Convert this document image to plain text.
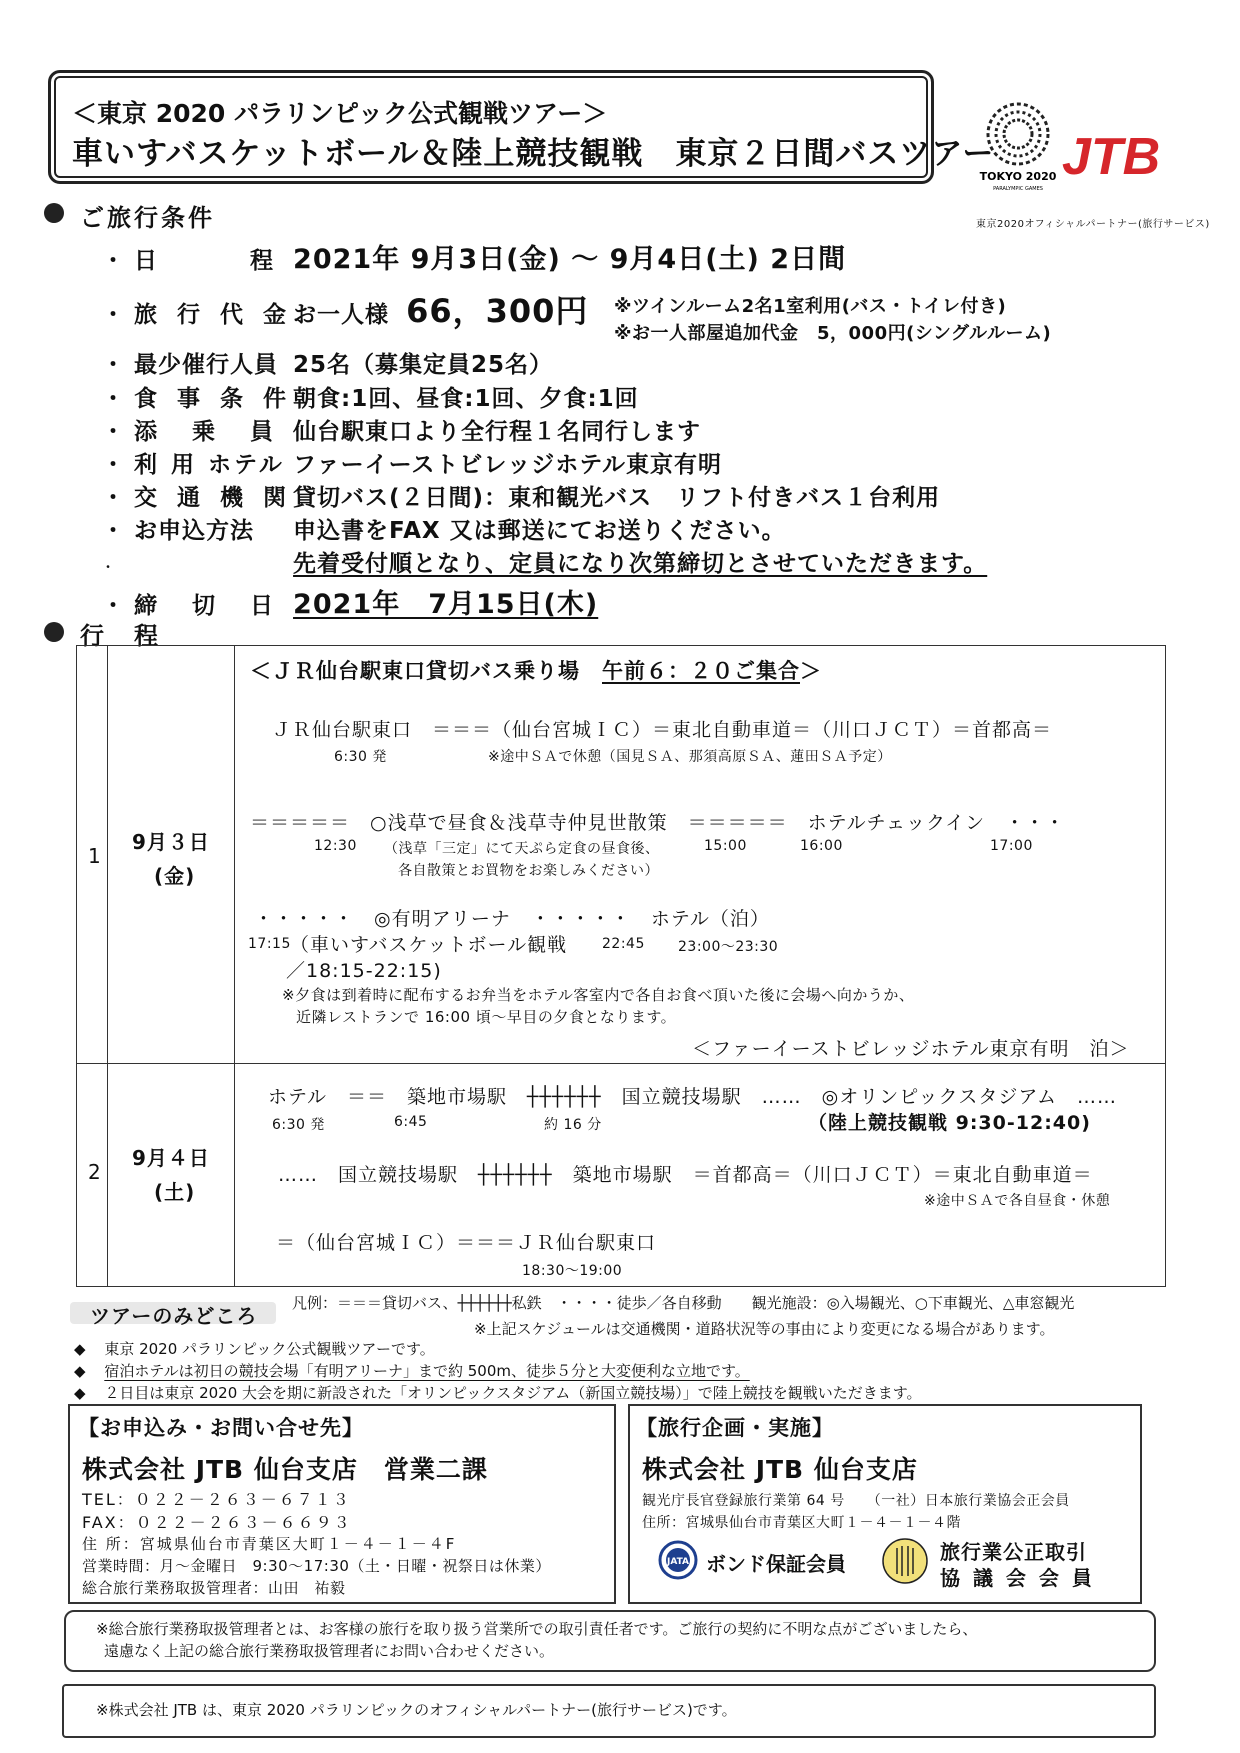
＜東京 2020 パラリンピック公式観戦ツアー＞
車いすバスケットボール＆陸上競技観戦　東京２日間バスツアー
TOKYO 2020
PARALYMPIC GAMES
JTB
東京2020オフィシャルパートナー(旅行サービス)
ご旅行条件
・ 日　　　程 2021年 9月3日(金) ～ 9月4日(土) 2日間
・ 旅 行 代 金 お一人様 66，300円 ※ツインルーム2名1室利用(バス・トイレ付き)
※お一人部屋追加代金　5，000円(シングルルーム)
・ 最少催行人員 25名（募集定員25名）
・ 食 事 条 件 朝食:1回、昼食:1回、夕食:1回
・ 添　乗　員 仙台駅東口より全行程１名同行します
・ 利 用 ホテル ファーイーストビレッジホテル東京有明
・ 交 通 機 関 貸切バス(２日間)：東和観光バス　リフト付きバス１台利用
・ お申込方法 申込書をFAX 又は郵送にてお送りください。
・	先着受付順となり、定員になり次第締切とさせていただきます。
・ 締　切　日 2021年　7月15日(木)
行　程

1
9月３日
(金)
＜ＪＲ仙台駅東口貸切バス乗り場　午前６：２０ご集合＞
ＪＲ仙台駅東口　＝＝＝（仙台宮城ＩＣ）＝東北自動車道＝（川口ＪＣＴ）＝首都高＝
6:30 発	※途中ＳＡで休憩（国見ＳＡ、那須高原ＳＡ、蓮田ＳＡ予定）
＝＝＝＝＝　○浅草で昼食＆浅草寺仲見世散策　＝＝＝＝＝　ホテルチェックイン　・・・
12:30 （浅草「三定」にて天ぷら定食の昼食後、	15:00	16:00	17:00
各自散策とお買物をお楽しみください）
・・・・・　◎有明アリーナ　・・・・・　ホテル（泊）
17:15 （車いすバスケットボール観戦 22:45 23:00～23:30
／18:15-22:15)
※夕食は到着時に配布するお弁当をホテル客室内で各自お食べ頂いた後に会場へ向かうか、
近隣レストランで 16:00 頃～早目の夕食となります。
＜ファーイーストビレッジホテル東京有明　泊＞
2
9月４日
(土)
ホテル　＝＝　築地市場駅　┼┼┼┼┼┼　国立競技場駅　……　◎オリンピックスタジアム　……
6:30 発	6:45	約 16 分	（陸上競技観戦 9:30-12:40)
……　国立競技場駅　┼┼┼┼┼┼　築地市場駅　＝首都高＝（川口ＪＣＴ）＝東北自動車道＝
※途中ＳＡで各自昼食・休憩
＝（仙台宮城ＩＣ）＝＝＝ＪＲ仙台駅東口
18:30～19:00
凡例：＝＝＝貸切バス、┼┼┼┼┼┼私鉄　・・・・徒歩／各自移動　　観光施設：◎入場観光、○下車観光、△車窓観光
ツアーのみどころ
※上記スケジュールは交通機関・道路状況等の事由により変更になる場合があります。
◆ 東京 2020 パラリンピック公式観戦ツアーです。
◆ 宿泊ホテルは初日の競技会場「有明アリーナ」まで約 500m、徒歩５分と大変便利な立地です。
◆ ２日目は東京 2020 大会を期に新設された「オリンピックスタジアム（新国立競技場）」で陸上競技を観戦いただきます。
【お申込み・お問い合せ先】
株式会社 JTB 仙台支店　営業二課
TEL：０２２－２６３－６７１３
FAX：０２２－２６３－６６９３
住 所：宮城県仙台市青葉区大町１－４－１－４F
営業時間：月～金曜日　9:30～17:30（土・日曜・祝祭日は休業）
総合旅行業務取扱管理者：山田　祐毅
【旅行企画・実施】
株式会社 JTB 仙台支店
観光庁長官登録旅行業第 64 号　　（一社）日本旅行業協会正会員
住所：宮城県仙台市青葉区大町１－４－１－４階
JATA ボンド保証会員	旅行業公正取引
協 議 会 会 員
※総合旅行業務取扱管理者とは、お客様の旅行を取り扱う営業所での取引責任者です。ご旅行の契約に不明な点がございましたら、
遠慮なく上記の総合旅行業務取扱管理者にお問い合わせください。
※株式会社 JTB は、東京 2020 パラリンピックのオフィシャルパートナー(旅行サービス)です。
